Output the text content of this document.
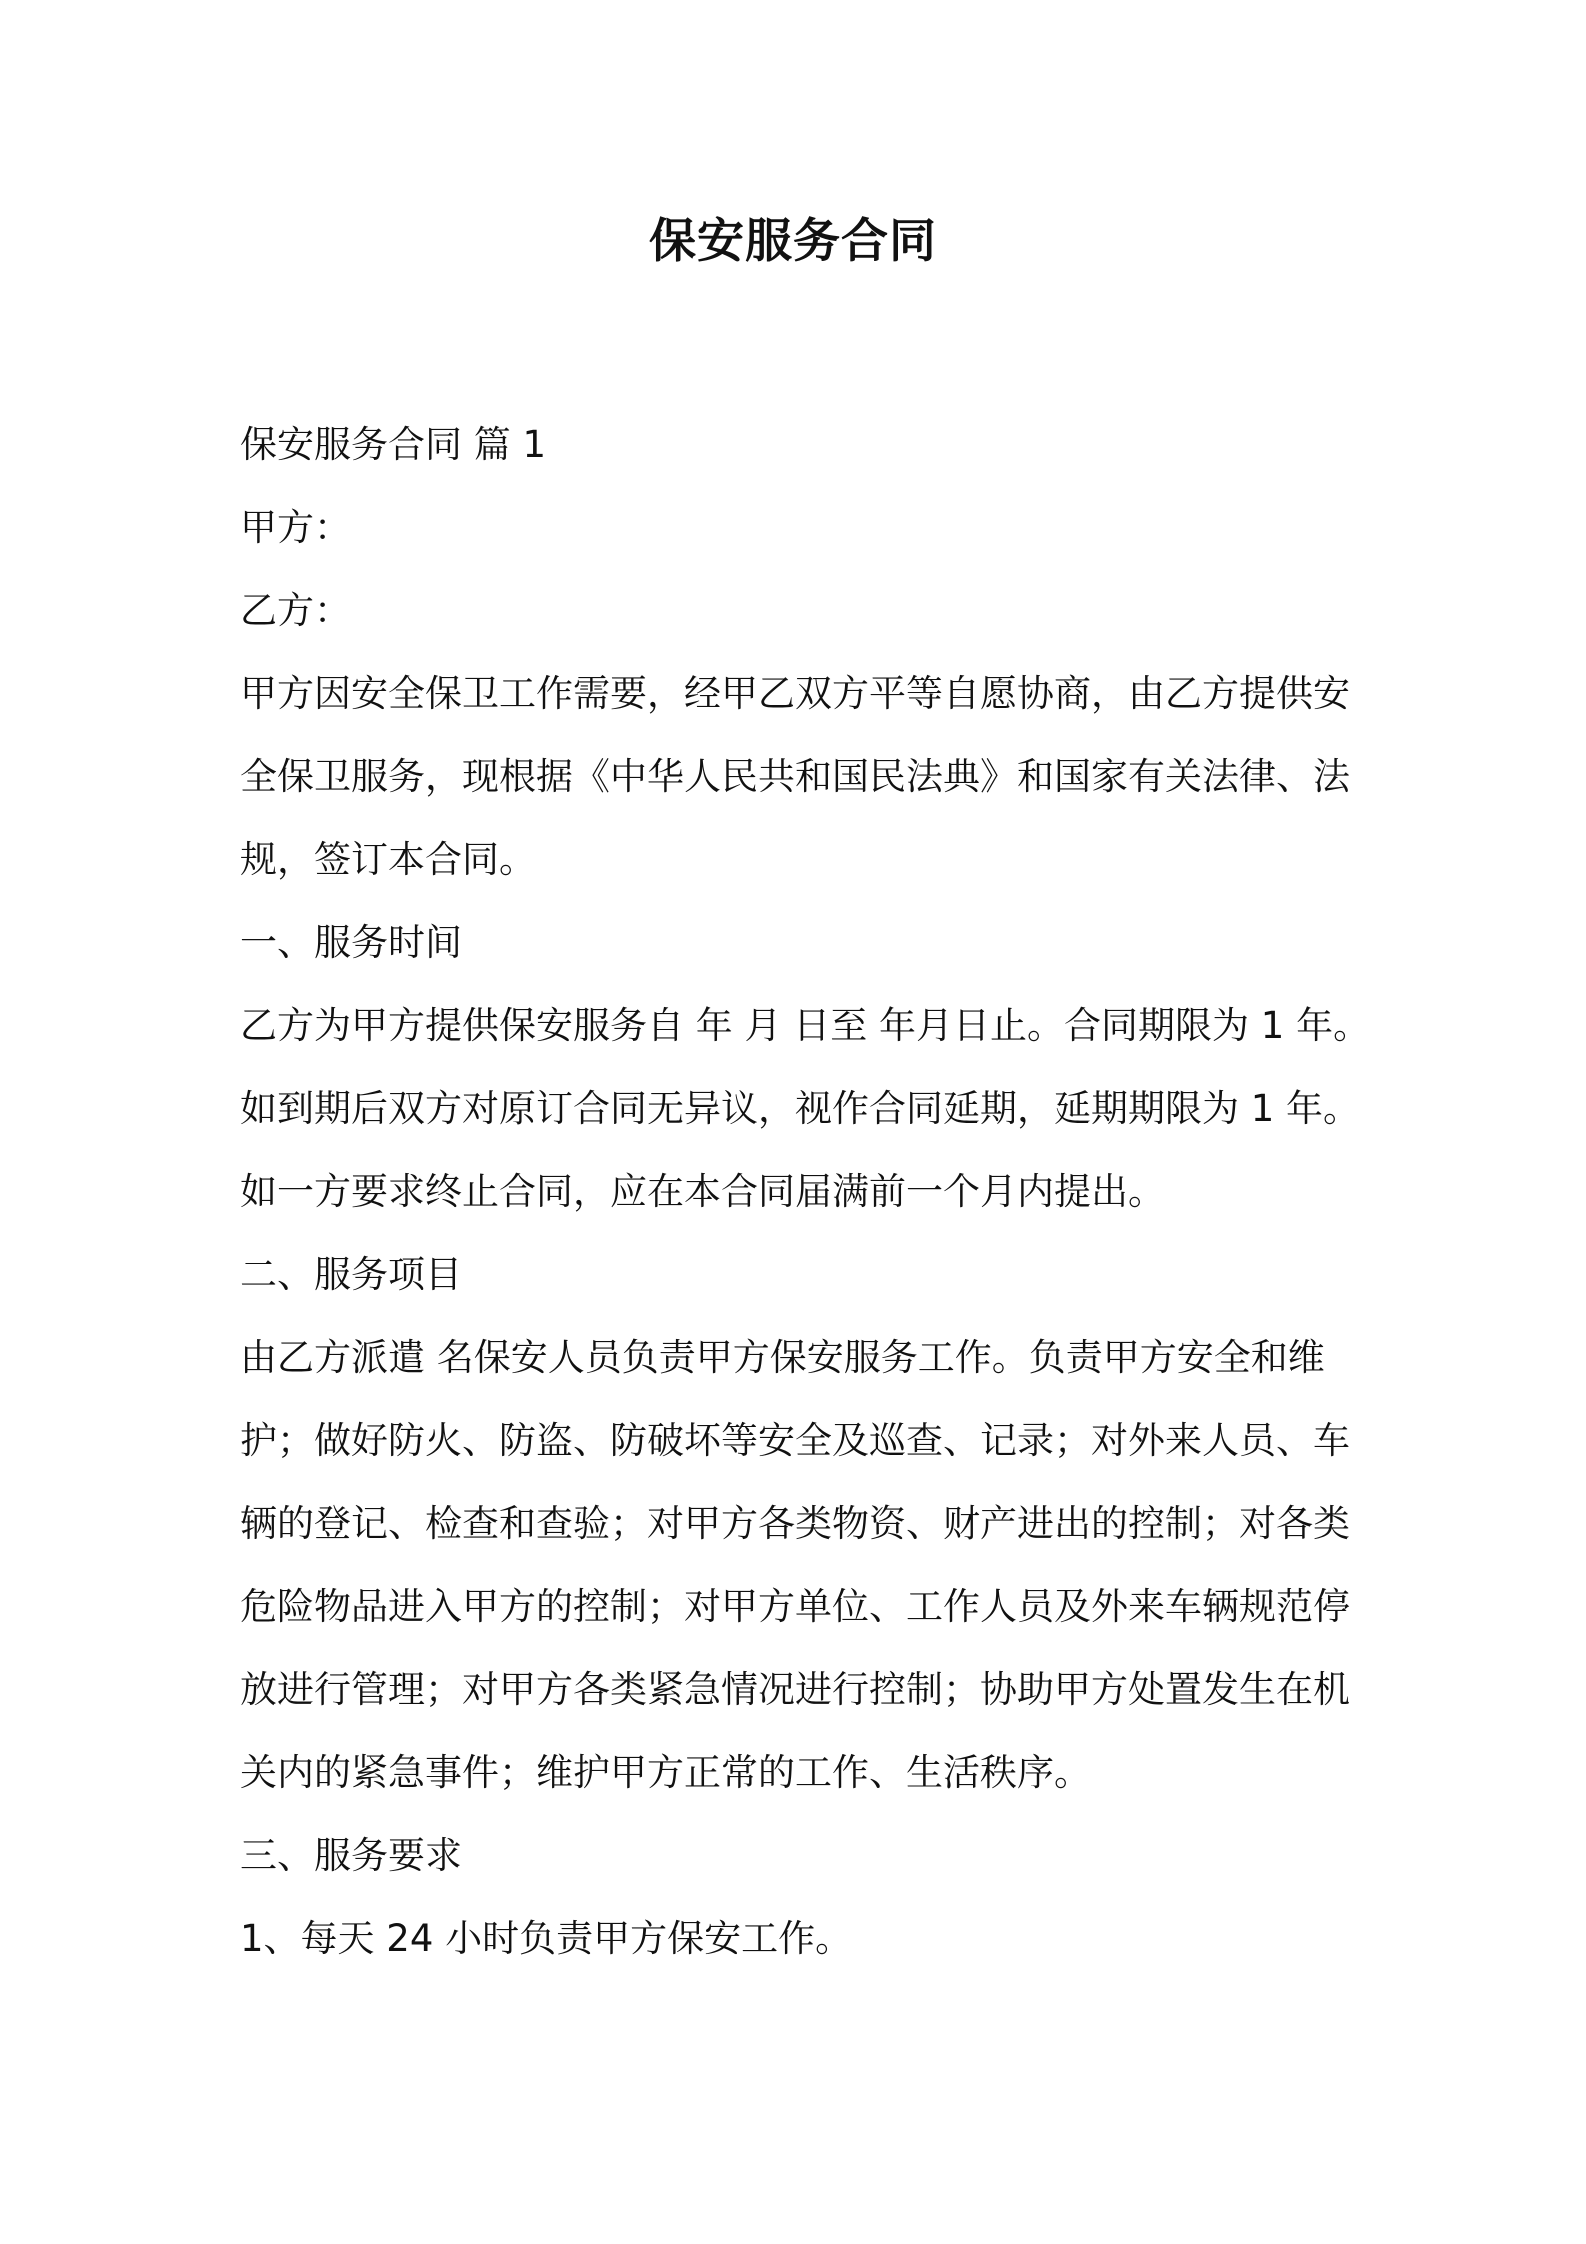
保安服务合同
保安服务合同 篇 1
甲方：
乙方：
甲方因安全保卫工作需要，经甲乙双方平等自愿协商，由乙方提供安
全保卫服务，现根据《中华人民共和国民法典》和国家有关法律、法
规，签订本合同。
一、服务时间
乙方为甲方提供保安服务自 年 月 日至 年月日止。合同期限为 1 年。
如到期后双方对原订合同无异议，视作合同延期，延期期限为 1 年。
如一方要求终止合同，应在本合同届满前一个月内提出。
二、服务项目
由乙方派遣 名保安人员负责甲方保安服务工作。负责甲方安全和维
护；做好防火、防盗、防破坏等安全及巡查、记录；对外来人员、车
辆的登记、检查和查验；对甲方各类物资、财产进出的控制；对各类
危险物品进入甲方的控制；对甲方单位、工作人员及外来车辆规范停
放进行管理；对甲方各类紧急情况进行控制；协助甲方处置发生在机
关内的紧急事件；维护甲方正常的工作、生活秩序。
三、服务要求
1、每天 24 小时负责甲方保安工作。
